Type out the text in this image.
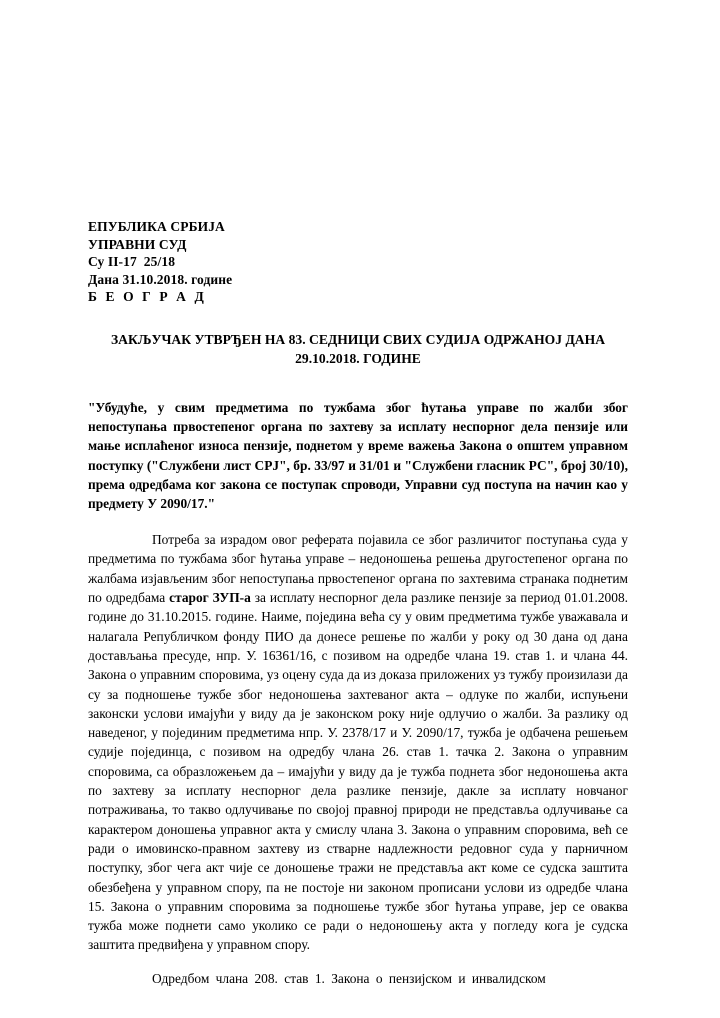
ЕПУБЛИКА СРБИЈА
УПРАВНИ СУД
Су II-17  25/18
Дана 31.10.2018. године
Б Е О Г Р А Д
ЗАКЉУЧАК УТВРЂЕН НА 83. СЕДНИЦИ СВИХ СУДИЈА ОДРЖАНОЈ ДАНА 29.10.2018. ГОДИНЕ
"Убудуће, у свим предметима по тужбама због ћутања управе по жалби због непоступања првостепеног органа по захтеву за исплату неспорног дела пензије или мање исплаћеног износа пензије, поднетом у време важења Закона о општем управном поступку ("Службени лист СРЈ", бр. 33/97 и 31/01 и "Службени гласник РС", број 30/10), према одредбама ког закона се поступак спроводи, Управни суд поступа на начин као у предмету У 2090/17."
Потреба за израдом овог реферата појавила се због различитог поступања суда у предметима по тужбама због ћутања управе – недоношења решења другостепеног органа по жалбама изјављеним због непоступања првостепеног органа по захтевима странака поднетим по одредбама старог ЗУП-а за исплату неспорног дела разлике пензије за период 01.01.2008. године до 31.10.2015. године. Наиме, поједина већа су у овим предметима тужбе уважавала и налагала Републичком фонду ПИО да донесе решење по жалби у року од 30 дана од дана достављања пресуде, нпр. У. 16361/16, с позивом на одредбе члана 19. став 1. и члана 44. Закона о управним споровима, уз оцену суда да из доказа приложених уз тужбу произилази да су за подношење тужбе због недоношења захтеваног акта – одлуке по жалби, испуњени законски услови имајући у виду да је законском року није одлучио о жалби. За разлику од наведеног, у појединим предметима нпр. У. 2378/17 и У. 2090/17, тужба је одбачена решењем судије појединца, с позивом на одредбу члана 26. став 1. тачка 2. Закона о управним споровима, са образложењем да – имајући у виду да је тужба поднета због недоношења акта по захтеву за исплату неспорног дела разлике пензије, дакле за исплату новчаног потраживања, то такво одлучивање по својој правној природи не представља одлучивање са карактером доношења управног акта у смислу члана 3. Закона о управним споровима, већ се ради о имовинско-правном захтеву из стварне надлежности редовног суда у парничном поступку, због чега акт чије се доношење тражи не представља акт коме се судска заштита обезбеђена у управном спору, па не постоје ни законом прописани услови из одредбе члана 15. Закона о управним споровима за подношење тужбе због ћутања управе, јер се оваква тужба може поднети само уколико се ради о недоношењу акта у погледу кога је судска заштита предвиђена у управном спору.
Одредбом члана 208. став 1. Закона о пензијском и инвалидском
